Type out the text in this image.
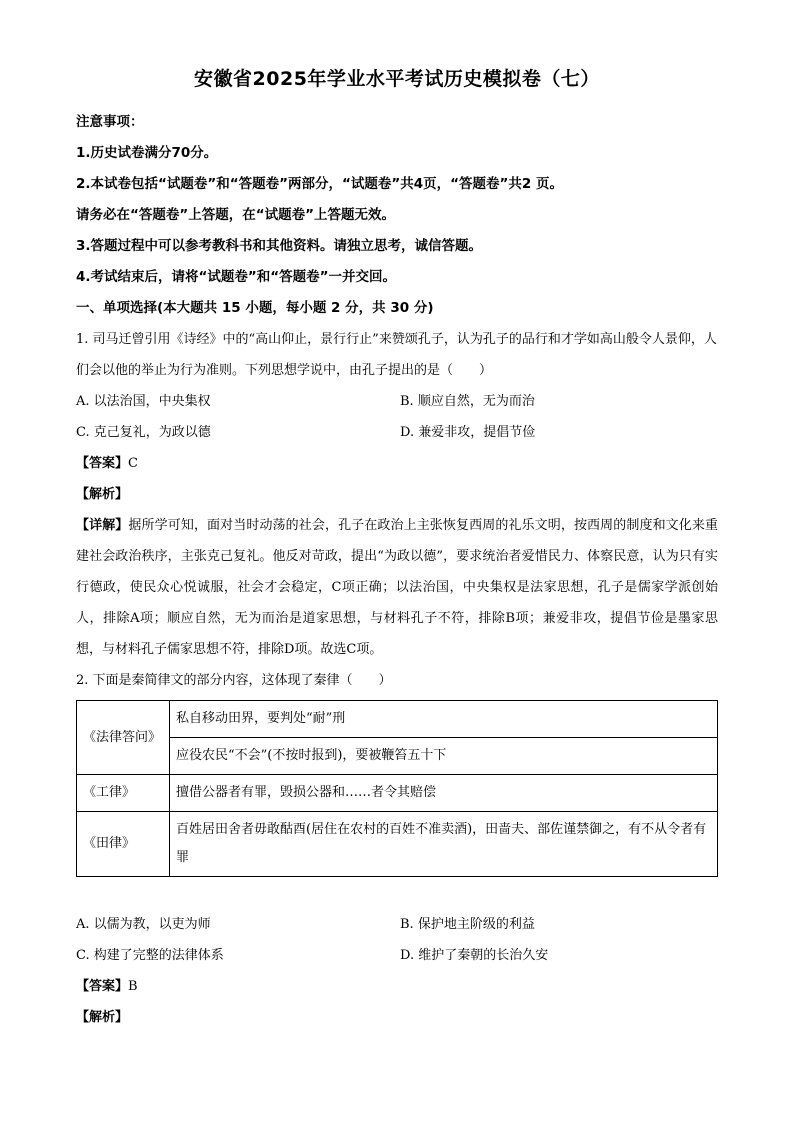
安徽省2025年学业水平考试历史模拟卷（七）
注意事项：
1.历史试卷满分70分。
2.本试卷包括“试题卷”和“答题卷”两部分，“试题卷”共4页，“答题卷”共2 页。
请务必在“答题卷”上答题，在“试题卷”上答题无效。
3.答题过程中可以参考教科书和其他资料。请独立思考，诚信答题。
4.考试结束后，请将“试题卷”和“答题卷”一并交回。
一、单项选择(本大题共 15 小题，每小题 2 分，共 30 分)
1. 司马迁曾引用《诗经》中的“高山仰止，景行行止”来赞颂孔子，认为孔子的品行和才学如高山般令人景仰，人们会以他的举止为行为准则。下列思想学说中，由孔子提出的是（　　）
A. 以法治国，中央集权	B. 顺应自然，无为而治
C. 克己复礼，为政以德	D. 兼爱非攻，提倡节俭
【答案】C
【解析】
【详解】据所学可知，面对当时动荡的社会，孔子在政治上主张恢复西周的礼乐文明，按西周的制度和文化来重建社会政治秩序，主张克己复礼。他反对苛政，提出“为政以德”，要求统治者爱惜民力、体察民意，认为只有实行德政，使民众心悦诚服，社会才会稳定，C项正确；以法治国，中央集权是法家思想，孔子是儒家学派创始人，排除A项；顺应自然，无为而治是道家思想，与材料孔子不符，排除B项；兼爱非攻，提倡节俭是墨家思想，与材料孔子儒家思想不符，排除D项。故选C项。
2. 下面是秦简律文的部分内容，这体现了秦律（　　）
《法律答问》	私自移动田界，要判处“耐”刑
	应役农民“不会”(不按时报到)，要被鞭笞五十下
《工律》	擅借公器者有罪，毁损公器和……者令其赔偿
《田律》	百姓居田舍者毋敢酤酉(居住在农村的百姓不准卖酒)，田啬夫、部佐谨禁御之，有不从令者有罪
A. 以儒为教，以吏为师	B. 保护地主阶级的利益
C. 构建了完整的法律体系	D. 维护了秦朝的长治久安
【答案】B
【解析】
